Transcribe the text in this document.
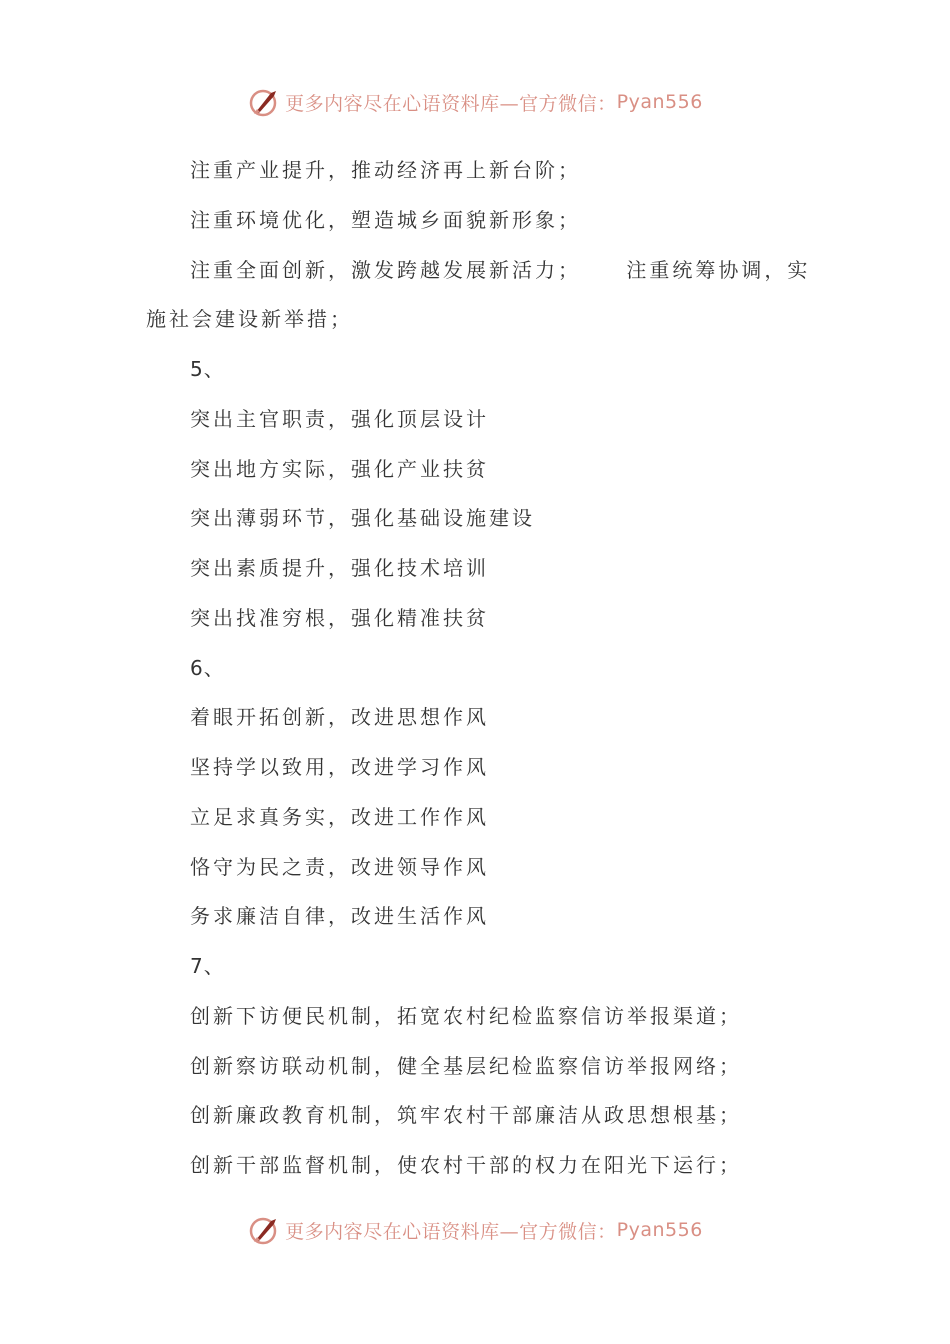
更多内容尽在心语资料库—官方微信： Pyan556
注重产业提升，推动经济再上新台阶；
注重环境优化，塑造城乡面貌新形象；
注重全面创新，激发跨越发展新活力；　　 注重统筹协调，实
施社会建设新举措；
5、
突出主官职责，强化顶层设计
突出地方实际，强化产业扶贫
突出薄弱环节，强化基础设施建设
突出素质提升，强化技术培训
突出找准穷根，强化精准扶贫
6、
着眼开拓创新，改进思想作风
坚持学以致用，改进学习作风
立足求真务实，改进工作作风
恪守为民之责，改进领导作风
务求廉洁自律，改进生活作风
7、
创新下访便民机制，拓宽农村纪检监察信访举报渠道；
创新察访联动机制，健全基层纪检监察信访举报网络；
创新廉政教育机制，筑牢农村干部廉洁从政思想根基；
创新干部监督机制，使农村干部的权力在阳光下运行；
更多内容尽在心语资料库—官方微信： Pyan556
